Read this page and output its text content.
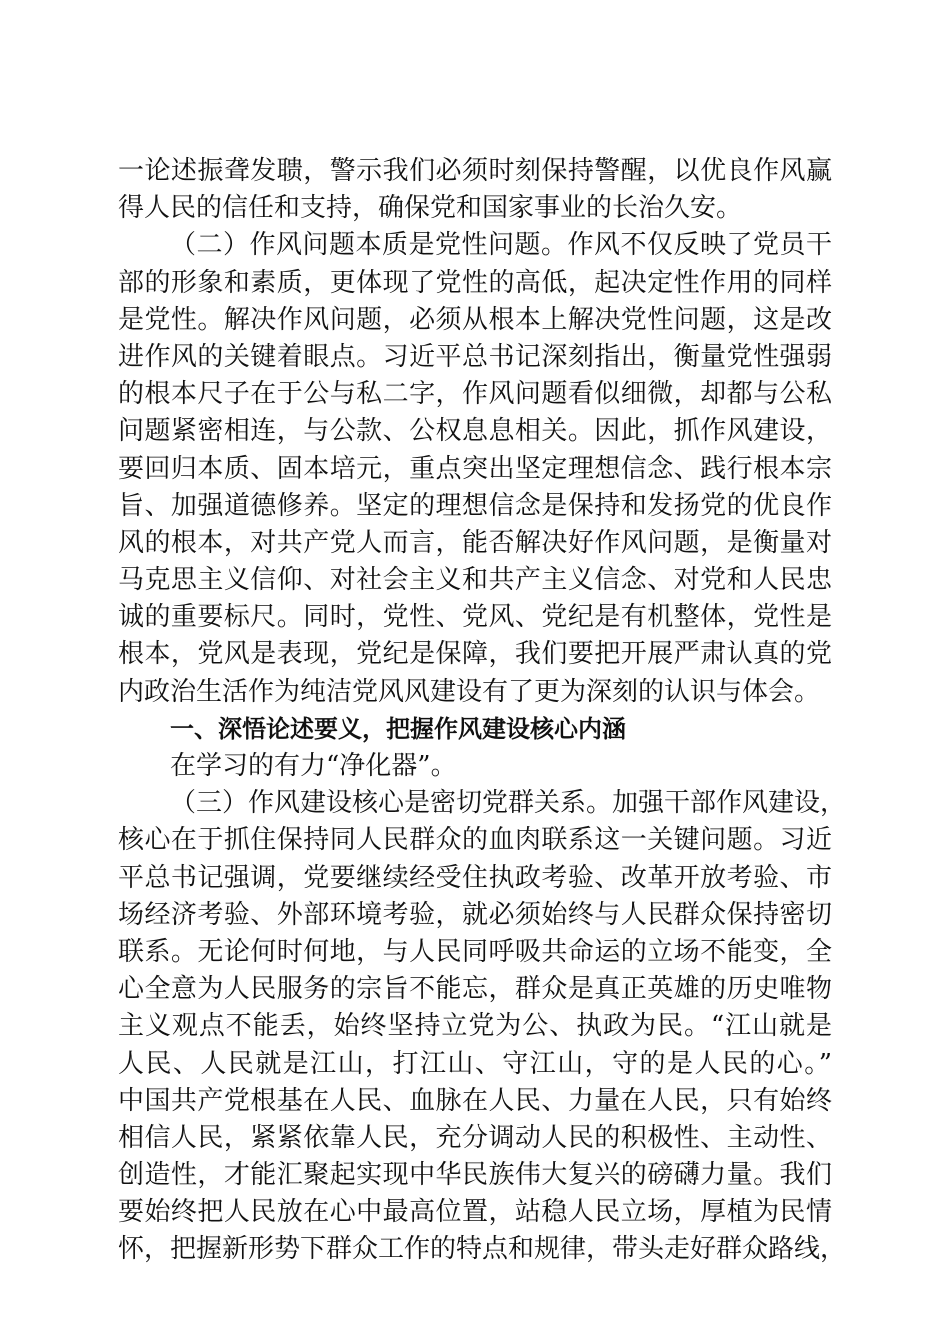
一论述振聋发聩，警示我们必须时刻保持警醒，以优良作风赢
得人民的信任和支持，确保党和国家事业的长治久安。
（二）作风问题本质是党性问题。作风不仅反映了党员干
部的形象和素质，更体现了党性的高低，起决定性作用的同样
是党性。解决作风问题，必须从根本上解决党性问题，这是改
进作风的关键着眼点。习近平总书记深刻指出，衡量党性强弱
的根本尺子在于公与私二字，作风问题看似细微，却都与公私
问题紧密相连，与公款、公权息息相关。因此，抓作风建设，
要回归本质、固本培元，重点突出坚定理想信念、践行根本宗
旨、加强道德修养。坚定的理想信念是保持和发扬党的优良作
风的根本，对共产党人而言，能否解决好作风问题，是衡量对
马克思主义信仰、对社会主义和共产主义信念、对党和人民忠
诚的重要标尺。同时，党性、党风、党纪是有机整体，党性是
根本，党风是表现，党纪是保障，我们要把开展严肃认真的党
内政治生活作为纯洁党风风建设有了更为深刻的认识与体会。
一、深悟论述要义，把握作风建设核心内涵
在学习的有力“净化器”。
（三）作风建设核心是密切党群关系。加强干部作风建设，
核心在于抓住保持同人民群众的血肉联系这一关键问题。习近
平总书记强调，党要继续经受住执政考验、改革开放考验、市
场经济考验、外部环境考验，就必须始终与人民群众保持密切
联系。无论何时何地，与人民同呼吸共命运的立场不能变，全
心全意为人民服务的宗旨不能忘，群众是真正英雄的历史唯物
主义观点不能丢，始终坚持立党为公、执政为民。“江山就是
人民、人民就是江山，打江山、守江山，守的是人民的心。”
中国共产党根基在人民、血脉在人民、力量在人民，只有始终
相信人民，紧紧依靠人民，充分调动人民的积极性、主动性、
创造性，才能汇聚起实现中华民族伟大复兴的磅礴力量。我们
要始终把人民放在心中最高位置，站稳人民立场，厚植为民情
怀，把握新形势下群众工作的特点和规律，带头走好群众路线，
